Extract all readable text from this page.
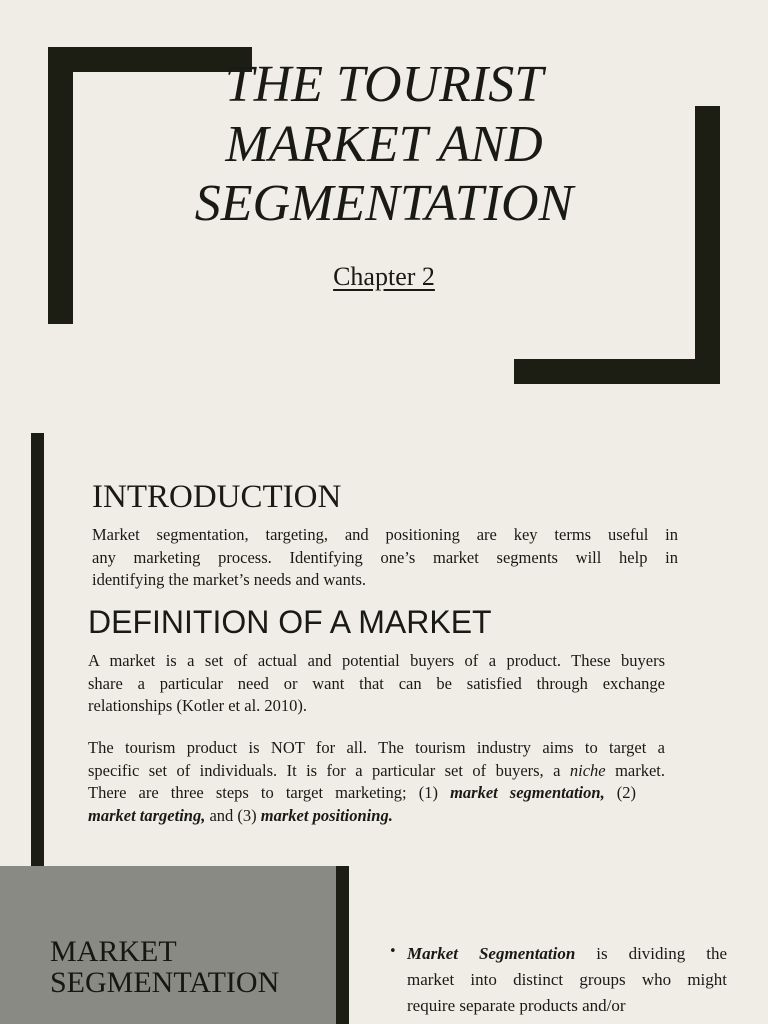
THE TOURIST
MARKET AND
SEGMENTATION
Chapter 2
INTRODUCTION
Market segmentation, targeting, and positioning are key terms useful in
any marketing process. Identifying one’s market segments will help in
identifying the market’s needs and wants.
DEFINITION OF A MARKET
A market is a set of actual and potential buyers of a product. These buyers
share a particular need or want that can be satisfied through exchange
relationships (Kotler et al. 2010).
The tourism product is NOT for all. The tourism industry aims to target a
specific set of individuals. It is for a particular set of buyers, a niche market.
There are three steps to target marketing; (1) market segmentation, (2)
market targeting, and (3) market positioning.
MARKET
SEGMENTATION
• Market Segmentation is dividing the
market into distinct groups who might
require separate products and/or
